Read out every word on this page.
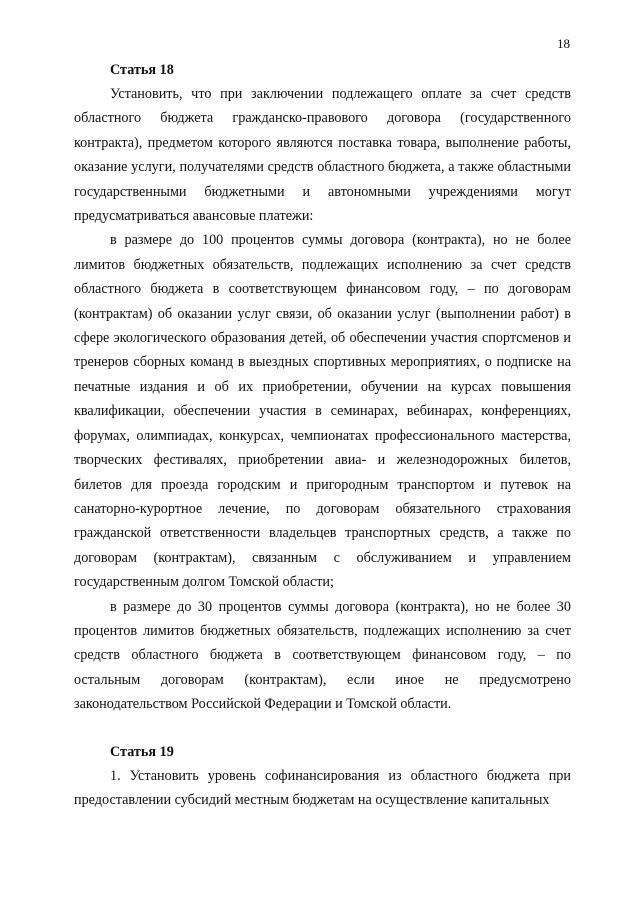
18

Статья 18

Установить, что при заключении подлежащего оплате за счет средств областного бюджета гражданско-правового договора (государственного контракта), предметом которого являются поставка товара, выполнение работы, оказание услуги, получателями средств областного бюджета, а также областными государственными бюджетными и автономными учреждениями могут предусматриваться авансовые платежи:

в размере до 100 процентов суммы договора (контракта), но не более лимитов бюджетных обязательств, подлежащих исполнению за счет средств областного бюджета в соответствующем финансовом году, – по договорам (контрактам) об оказании услуг связи, об оказании услуг (выполнении работ) в сфере экологического образования детей, об обеспечении участия спортсменов и тренеров сборных команд в выездных спортивных мероприятиях, о подписке на печатные издания и об их приобретении, обучении на курсах повышения квалификации, обеспечении участия в семинарах, вебинарах, конференциях, форумах, олимпиадах, конкурсах, чемпионатах профессионального мастерства, творческих фестивалях, приобретении авиа- и железнодорожных билетов, билетов для проезда городским и пригородным транспортом и путевок на санаторно-курортное лечение, по договорам обязательного страхования гражданской ответственности владельцев транспортных средств, а также по договорам (контрактам), связанным с обслуживанием и управлением государственным долгом Томской области;

в размере до 30 процентов суммы договора (контракта), но не более 30 процентов лимитов бюджетных обязательств, подлежащих исполнению за счет средств областного бюджета в соответствующем финансовом году, – по остальным договорам (контрактам), если иное не предусмотрено законодательством Российской Федерации и Томской области.

Статья 19

1. Установить уровень софинансирования из областного бюджета при предоставлении субсидий местным бюджетам на осуществление капитальных
